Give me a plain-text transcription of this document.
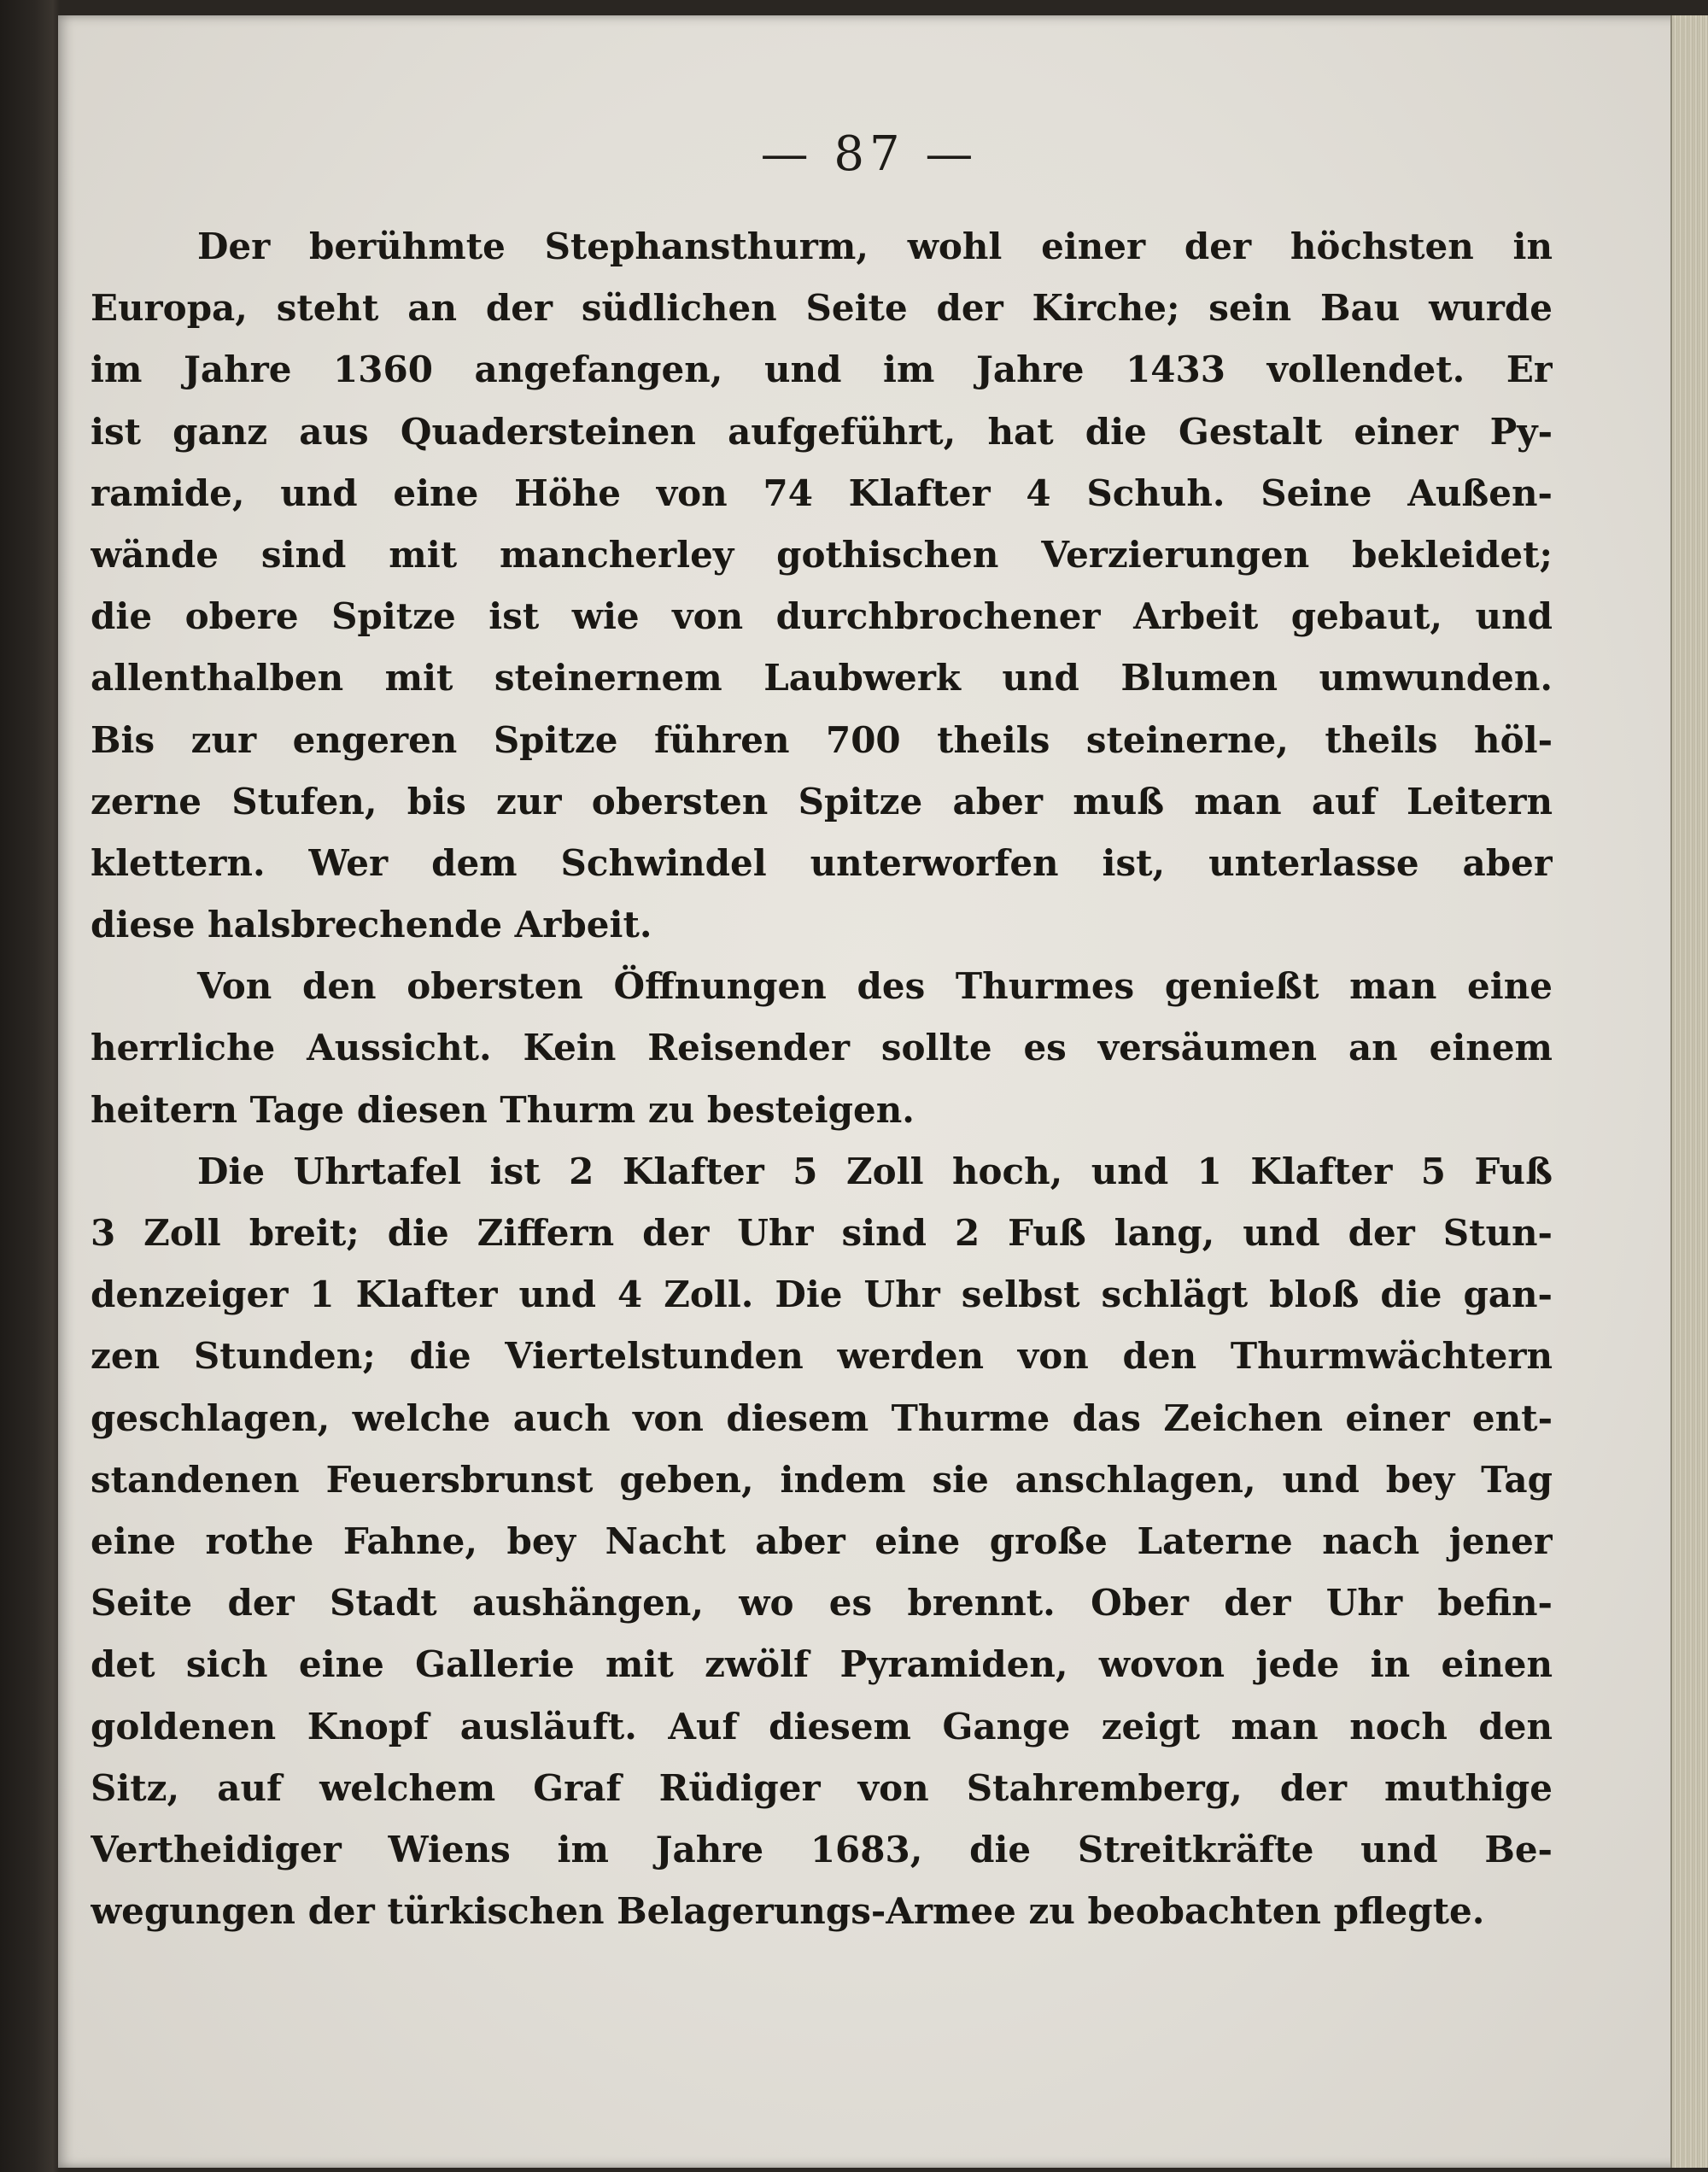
— 87 —
Der berühmte Stephansthurm, wohl einer der höchsten in
Europa, steht an der südlichen Seite der Kirche; sein Bau wurde
im Jahre 1360 angefangen, und im Jahre 1433 vollendet. Er
ist ganz aus Quadersteinen aufgeführt, hat die Gestalt einer Py-
ramide, und eine Höhe von 74 Klafter 4 Schuh. Seine Außen-
wände sind mit mancherley gothischen Verzierungen bekleidet;
die obere Spitze ist wie von durchbrochener Arbeit gebaut, und
allenthalben mit steinernem Laubwerk und Blumen umwunden.
Bis zur engeren Spitze führen 700 theils steinerne, theils höl-
zerne Stufen, bis zur obersten Spitze aber muß man auf Leitern
klettern. Wer dem Schwindel unterworfen ist, unterlasse aber
diese halsbrechende Arbeit.
Von den obersten Öffnungen des Thurmes genießt man eine
herrliche Aussicht. Kein Reisender sollte es versäumen an einem
heitern Tage diesen Thurm zu besteigen.
Die Uhrtafel ist 2 Klafter 5 Zoll hoch, und 1 Klafter 5 Fuß
3 Zoll breit; die Ziffern der Uhr sind 2 Fuß lang, und der Stun-
denzeiger 1 Klafter und 4 Zoll. Die Uhr selbst schlägt bloß die gan-
zen Stunden; die Viertelstunden werden von den Thurmwächtern
geschlagen, welche auch von diesem Thurme das Zeichen einer ent-
standenen Feuersbrunst geben, indem sie anschlagen, und bey Tag
eine rothe Fahne, bey Nacht aber eine große Laterne nach jener
Seite der Stadt aushängen, wo es brennt. Ober der Uhr befin-
det sich eine Gallerie mit zwölf Pyramiden, wovon jede in einen
goldenen Knopf ausläuft. Auf diesem Gange zeigt man noch den
Sitz, auf welchem Graf Rüdiger von Stahremberg, der muthige
Vertheidiger Wiens im Jahre 1683, die Streitkräfte und Be-
wegungen der türkischen Belagerungs-Armee zu beobachten pflegte.
